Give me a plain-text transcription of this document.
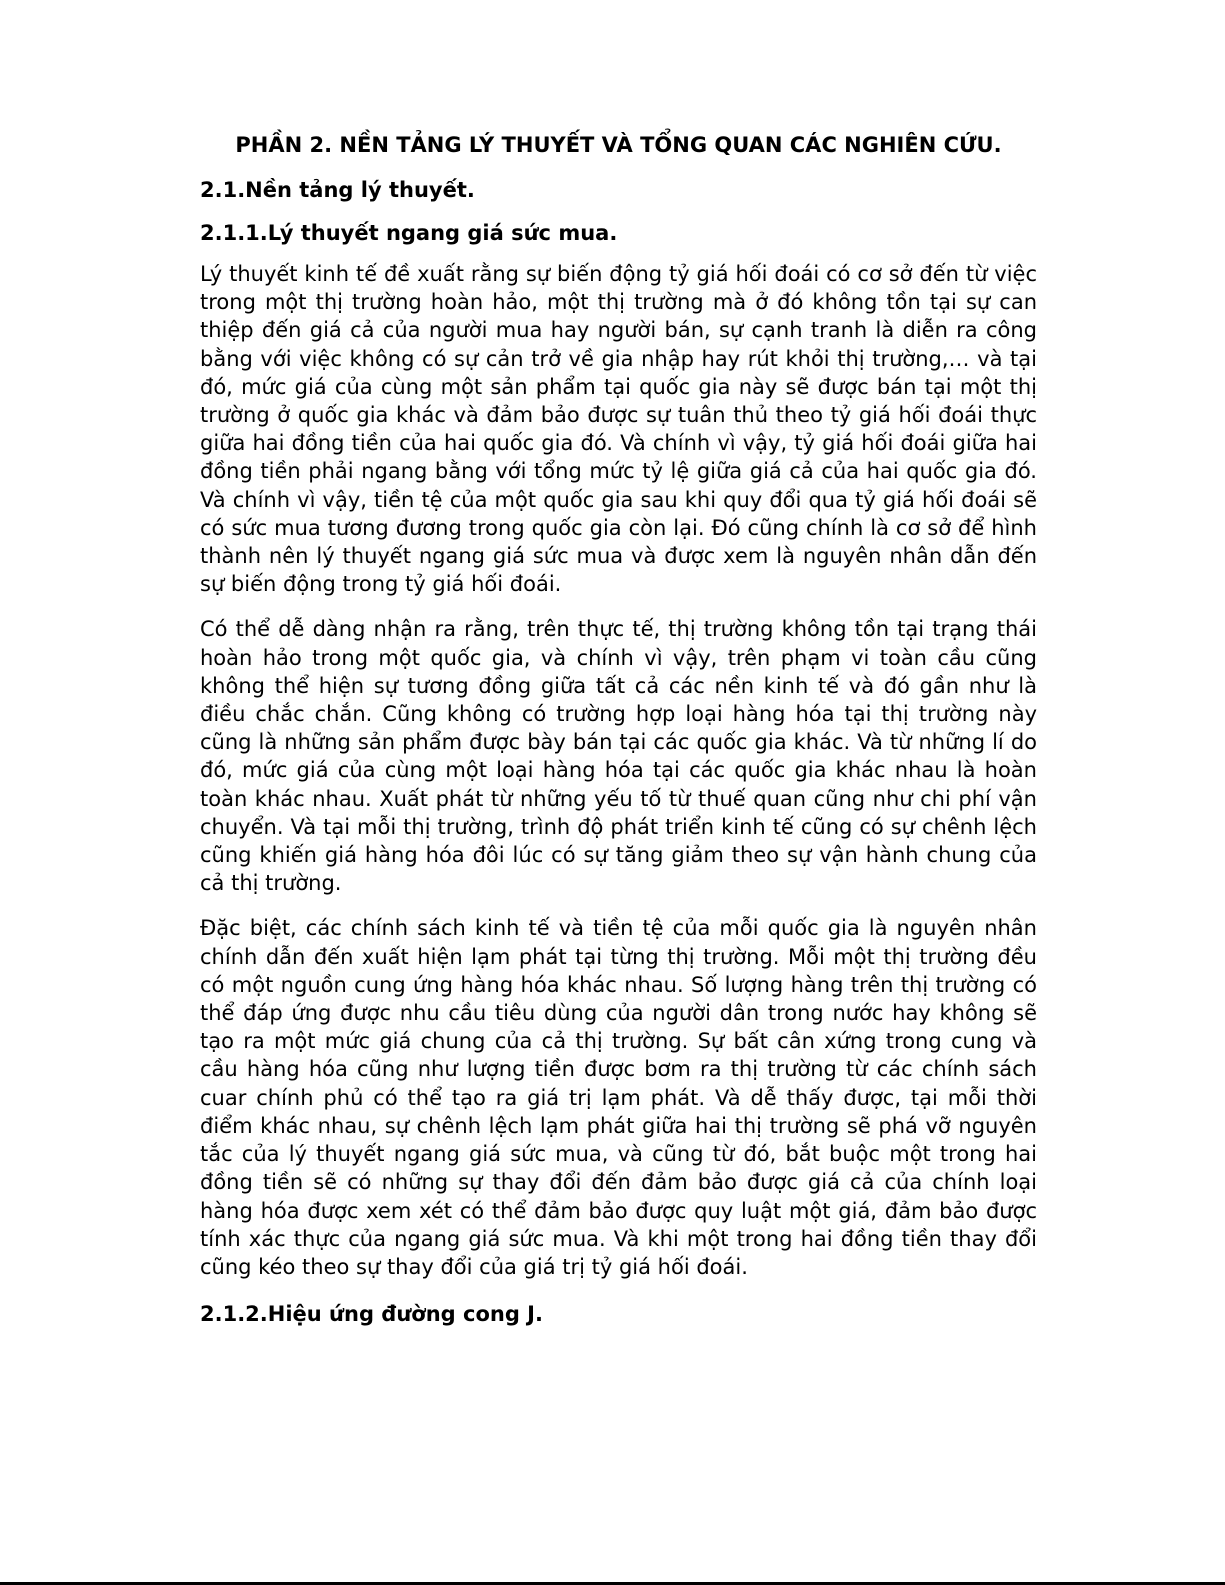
PHẦN 2. NỀN TẢNG LÝ THUYẾT VÀ TỔNG QUAN CÁC NGHIÊN CỨU.
2.1.Nền tảng lý thuyết.
2.1.1.Lý thuyết ngang giá sức mua.

Lý thuyết kinh tế đề xuất rằng sự biến động tỷ giá hối đoái có cơ sở đến từ việc trong một thị trường hoàn hảo, một thị trường mà ở đó không tồn tại sự can thiệp đến giá cả của người mua hay người bán, sự cạnh tranh là diễn ra công bằng với việc không có sự cản trở về gia nhập hay rút khỏi thị trường,… và tại đó, mức giá của cùng một sản phẩm tại quốc gia này sẽ được bán tại một thị trường ở quốc gia khác và đảm bảo được sự tuân thủ theo tỷ giá hối đoái thực giữa hai đồng tiền của hai quốc gia đó. Và chính vì vậy, tỷ giá hối đoái giữa hai đồng tiền phải ngang bằng với tổng mức tỷ lệ giữa giá cả của hai quốc gia đó. Và chính vì vậy, tiền tệ của một quốc gia sau khi quy đổi qua tỷ giá hối đoái sẽ có sức mua tương đương trong quốc gia còn lại. Đó cũng chính là cơ sở để hình thành nên lý thuyết ngang giá sức mua và được xem là nguyên nhân dẫn đến sự biến động trong tỷ giá hối đoái.

Có thể dễ dàng nhận ra rằng, trên thực tế, thị trường không tồn tại trạng thái hoàn hảo trong một quốc gia, và chính vì vậy, trên phạm vi toàn cầu cũng không thể hiện sự tương đồng giữa tất cả các nền kinh tế và đó gần như là điều chắc chắn. Cũng không có trường hợp loại hàng hóa tại thị trường này cũng là những sản phẩm được bày bán tại các quốc gia khác. Và từ những lí do đó, mức giá của cùng một loại hàng hóa tại các quốc gia khác nhau là hoàn toàn khác nhau. Xuất phát từ những yếu tố từ thuế quan cũng như chi phí vận chuyển. Và tại mỗi thị trường, trình độ phát triển kinh tế cũng có sự chênh lệch cũng khiến giá hàng hóa đôi lúc có sự tăng giảm theo sự vận hành chung của cả thị trường.

Đặc biệt, các chính sách kinh tế và tiền tệ của mỗi quốc gia là nguyên nhân chính dẫn đến xuất hiện lạm phát tại từng thị trường. Mỗi một thị trường đều có một nguồn cung ứng hàng hóa khác nhau. Số lượng hàng trên thị trường có thể đáp ứng được nhu cầu tiêu dùng của người dân trong nước hay không sẽ tạo ra một mức giá chung của cả thị trường. Sự bất cân xứng trong cung và cầu hàng hóa cũng như lượng tiền được bơm ra thị trường từ các chính sách cuar chính phủ có thể tạo ra giá trị lạm phát. Và dễ thấy được, tại mỗi thời điểm khác nhau, sự chênh lệch lạm phát giữa hai thị trường sẽ phá vỡ nguyên tắc của lý thuyết ngang giá sức mua, và cũng từ đó, bắt buộc một trong hai đồng tiền sẽ có những sự thay đổi đến đảm bảo được giá cả của chính loại hàng hóa được xem xét có thể đảm bảo được quy luật một giá, đảm bảo được tính xác thực của ngang giá sức mua. Và khi một trong hai đồng tiền thay đổi cũng kéo theo sự thay đổi của giá trị tỷ giá hối đoái.

2.1.2.Hiệu ứng đường cong J.
